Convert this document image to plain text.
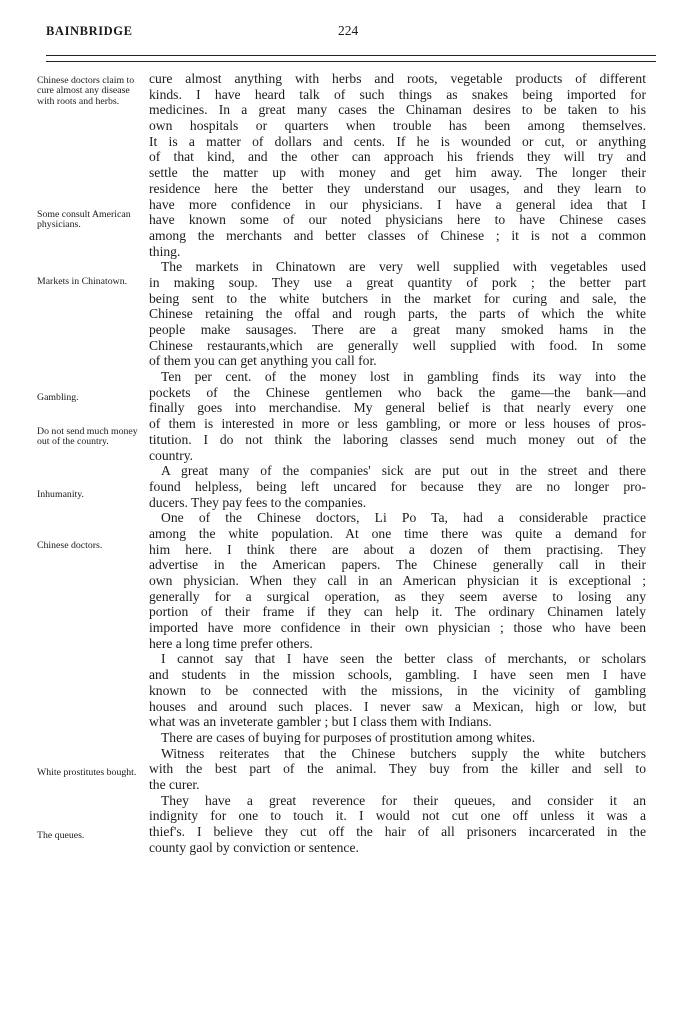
BAINBRIDGE	224
Chinese doctors claim to cure almost any disease with roots and herbs.
Some consult American physicians.
Markets in Chinatown.
Gambling.
Do not send much money out of the country.
Inhumanity.
Chinese doctors.
White prostitutes bought.
The queues.
cure almost anything with herbs and roots, vegetable products of different
kinds. I have heard talk of such things as snakes being imported for
medicines. In a great many cases the Chinaman desires to be taken to his
own hospitals or quarters when trouble has been among themselves.
It is a matter of dollars and cents. If he is wounded or cut, or anything
of that kind, and the other can approach his friends they will try and
settle the matter up with money and get him away. The longer their
residence here the better they understand our usages, and they learn to
have more confidence in our physicians. I have a general idea that I
have known some of our noted physicians here to have Chinese cases
among the merchants and better classes of Chinese ; it is not a common
thing.
The markets in Chinatown are very well supplied with vegetables used
in making soup. They use a great quantity of pork ; the better part
being sent to the white butchers in the market for curing and sale, the
Chinese retaining the offal and rough parts, the parts of which the white
people make sausages. There are a great many smoked hams in the
Chinese restaurants,which are generally well supplied with food. In some
of them you can get anything you call for.
Ten per cent. of the money lost in gambling finds its way into the
pockets of the Chinese gentlemen who back the game—the bank—and
finally goes into merchandise. My general belief is that nearly every one
of them is interested in more or less gambling, or more or less houses of pros-
titution. I do not think the laboring classes send much money out of the
country.
A great many of the companies' sick are put out in the street and there
found helpless, being left uncared for because they are no longer pro-
ducers. They pay fees to the companies.
One of the Chinese doctors, Li Po Ta, had a considerable practice
among the white population. At one time there was quite a demand for
him here. I think there are about a dozen of them practising. They
advertise in the American papers. The Chinese generally call in their
own physician. When they call in an American physician it is exceptional ;
generally for a surgical operation, as they seem averse to losing any
portion of their frame if they can help it. The ordinary Chinamen lately
imported have more confidence in their own physician ; those who have been
here a long time prefer others.
I cannot say that I have seen the better class of merchants, or scholars
and students in the mission schools, gambling. I have seen men I have
known to be connected with the missions, in the vicinity of gambling
houses and around such places. I never saw a Mexican, high or low, but
what was an inveterate gambler ; but I class them with Indians.
There are cases of buying for purposes of prostitution among whites.
Witness reiterates that the Chinese butchers supply the white butchers
with the best part of the animal. They buy from the killer and sell to
the curer.
They have a great reverence for their queues, and consider it an
indignity for one to touch it. I would not cut one off unless it was a
thief's. I believe they cut off the hair of all prisoners incarcerated in the
county gaol by conviction or sentence.
